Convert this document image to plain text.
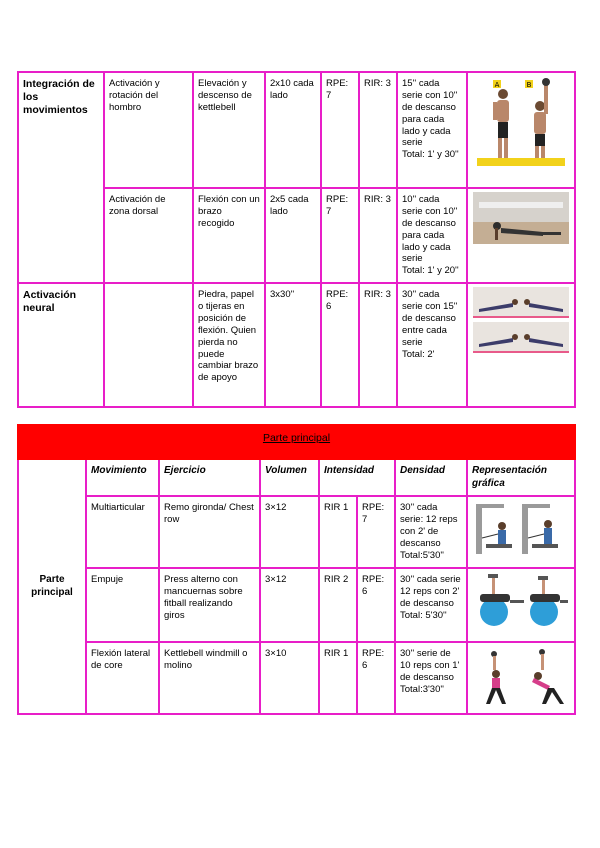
Integración de los movimientos	Activación y rotación del hombro	Elevación y descenso de kettlebell	2x10 cada lado	RPE: 7	RIR: 3	15'' cada serie con 10'' de descanso para cada lado y cada serie
Total: 1' y 30''	A B

	Activación de zona dorsal	Flexión con un brazo recogido	2x5 cada lado	RPE: 7	RIR: 3	10'' cada serie con 10'' de descanso para cada lado y cada serie
Total: 1' y 20''	

Activación neural		Piedra, papel o tijeras en posición de flexión. Quien pierda no puede cambiar brazo de apoyo	3x30''	RPE: 6	RIR: 3	30'' cada serie con 15'' de descanso entre cada serie
Total: 2'	
Parte principal							
Parte principal	Movimiento	Ejercicio	Volumen	Intensidad		Densidad	Representación gráfica
	Multiarticular	Remo gironda/ Chest row	3×12	RIR 1	RPE: 7	30'' cada serie: 12 reps con 2' de descanso Total:5'30''	

	Empuje	Press alterno con mancuernas sobre fitball realizando giros	3×12	RIR 2	RPE: 6	30'' cada serie 12 reps con 2' de descanso Total: 5'30''	

	Flexión lateral de core	Kettlebell windmill o molino	3×10	RIR 1	RPE: 6	30'' serie de 10 reps con 1' de descanso Total:3'30''	
